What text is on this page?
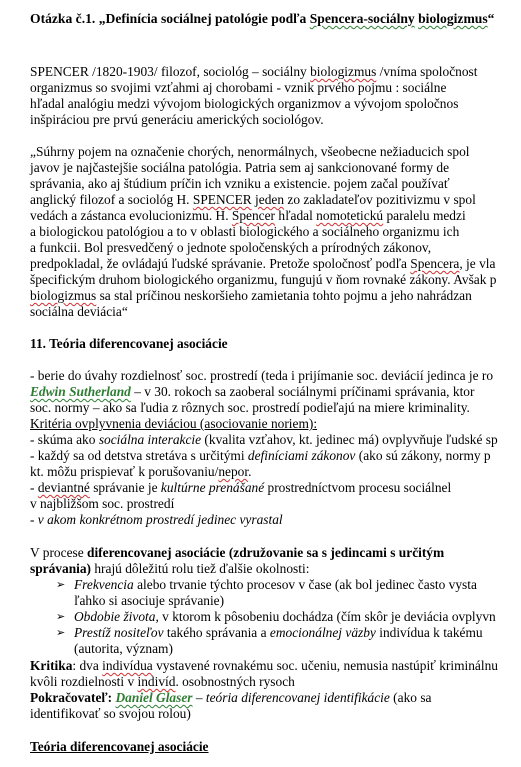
Otázka č.1. „Definícia sociálnej patológie podľa Spencera-sociálny biologizmus“
SPENCER /1820-1903/ filozof, sociológ – sociálny biologizmus /vníma spoločnost
organizmus so svojimi vzťahmi aj chorobami - vznik prvého pojmu : sociálne
hľadal analógiu medzi vývojom biologických organizmov a vývojom spoločnos
inšpiráciou pre prvú generáciu amerických sociológov.
„Súhrny pojem na označenie chorých, nenormálnych, všeobecne nežiaducich spol
javov je najčastejšie sociálna patológia. Patria sem aj sankcionované formy de
správania, ako aj štúdium príčin ich vzniku a existencie. pojem začal používať
anglický filozof a sociológ H. SPENCER jeden zo zakladateľov pozitivizmu v spol
vedách a zástanca evolucionizmu. H. Spencer hľadal nomotetickú paralelu medzi
a biologickou patológiou a to v oblasti biologického a sociálneho organizmu ich
a funkcii. Bol presvedčený o jednote spoločenských a prírodných zákonov,
predpokladal, že ovládajú ľudské správanie. Pretože spoločnosť podľa Spencera, je vla
špecifickým druhom biologického organizmu, fungujú v ňom rovnaké zákony. Avšak p
biologizmus sa stal príčinou neskoršieho zamietania tohto pojmu a jeho nahrádzan
sociálna deviácia“
11. Teória diferencovanej asociácie
- berie do úvahy rozdielnosť soc. prostredí (teda i prijímanie soc. deviácií jedinca je ro
Edwin Sutherland – v 30. rokoch sa zaoberal sociálnymi príčinami správania, ktor
soc. normy – ako sa ľudia z rôznych soc. prostredí podieľajú na miere kriminality.
Kritéria ovplyvnenia deviáciou (asociovanie noriem):
- skúma ako sociálna interakcie (kvalita vzťahov, kt. jedinec má) ovplyvňuje ľudské sp
- každý sa od detstva stretáva s určitými definíciami zákonov (ako sú zákony, normy p
kt. môžu prispievať k porušovaniu/nepor.
- deviantné správanie je kultúrne prenášané prostredníctvom procesu sociálnel
v najbližšom soc. prostredí
- v akom konkrétnom prostredí jedinec vyrastal
V procese diferencovanej asociácie (združovanie sa s jedincami s určitým
správania) hrajú dôležitú rolu tiež ďalšie okolnosti:
➢ Frekvencia alebo trvanie týchto procesov v čase (ak bol jedinec často vysta
ľahko si asociuje správanie)
➢ Obdobie života, v ktorom k pôsobeniu dochádza (čím skôr je deviácia ovplyvn
➢ Prestíž nositeľov takého správania a emocionálnej väzby indivídua k takému
(autorita, význam)
Kritika: dva indivídua vystavené rovnakému soc. učeniu, nemusia nastúpiť kriminálnu
kvôli rozdielnosti v indivíd. osobnostných rysoch
Pokračovateľ: Daniel Glaser – teória diferencovanej identifikácie (ako sa
identifikovať so svojou rolou)
Teória diferencovanej asociácie
